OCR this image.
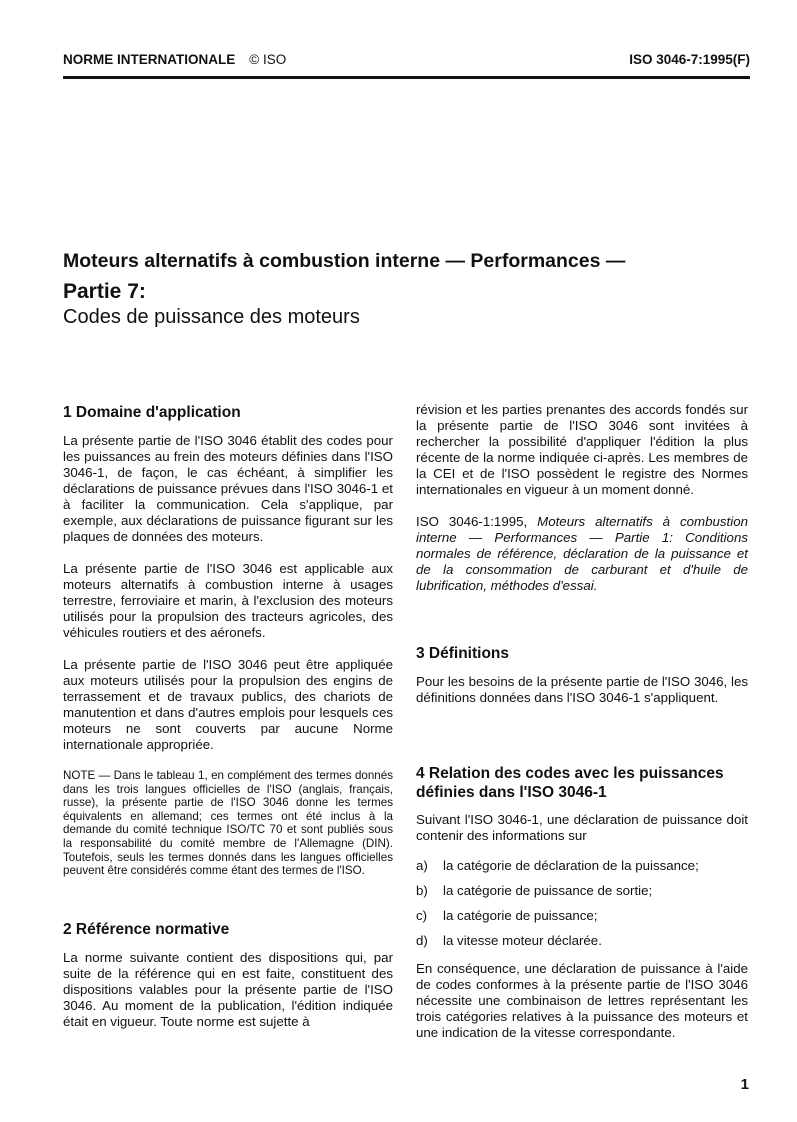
NORME INTERNATIONALE © ISO	ISO 3046-7:1995(F)
Moteurs alternatifs à combustion interne — Performances —
Partie 7:
Codes de puissance des moteurs
1 Domaine d'application

La présente partie de l'ISO 3046 établit des codes pour les puissances au frein des moteurs définies dans l'ISO 3046-1, de façon, le cas échéant, à simplifier les déclarations de puissance prévues dans l'ISO 3046-1 et à faciliter la communication. Cela s'applique, par exemple, aux déclarations de puissance figurant sur les plaques de données des moteurs.

La présente partie de l'ISO 3046 est applicable aux moteurs alternatifs à combustion interne à usages terrestre, ferroviaire et marin, à l'exclusion des moteurs utilisés pour la propulsion des tracteurs agricoles, des véhicules routiers et des aéronefs.

La présente partie de l'ISO 3046 peut être appliquée aux moteurs utilisés pour la propulsion des engins de terrassement et de travaux publics, des chariots de manutention et dans d'autres emplois pour lesquels ces moteurs ne sont couverts par aucune Norme internationale appropriée.

NOTE — Dans le tableau 1, en complément des termes donnés dans les trois langues officielles de l'ISO (anglais, français, russe), la présente partie de l'ISO 3046 donne les termes équivalents en allemand; ces termes ont été inclus à la demande du comité technique ISO/TC 70 et sont publiés sous la responsabilité du comité membre de l'Allemagne (DIN). Toutefois, seuls les termes donnés dans les langues officielles peuvent être considérés comme étant des termes de l'ISO.

2 Référence normative

La norme suivante contient des dispositions qui, par suite de la référence qui en est faite, constituent des dispositions valables pour la présente partie de l'ISO 3046. Au moment de la publication, l'édition indiquée était en vigueur. Toute norme est sujette à

révision et les parties prenantes des accords fondés sur la présente partie de l'ISO 3046 sont invitées à rechercher la possibilité d'appliquer l'édition la plus récente de la norme indiquée ci-après. Les membres de la CEI et de l'ISO possèdent le registre des Normes internationales en vigueur à un moment donné.

ISO 3046-1:1995, Moteurs alternatifs à combustion interne — Performances — Partie 1: Conditions normales de référence, déclaration de la puissance et de la consommation de carburant et d'huile de lubrification, méthodes d'essai.

3 Définitions

Pour les besoins de la présente partie de l'ISO 3046, les définitions données dans l'ISO 3046-1 s'appliquent.

4 Relation des codes avec les puissances définies dans l'ISO 3046-1

Suivant l'ISO 3046-1, une déclaration de puissance doit contenir des informations sur

a)	la catégorie de déclaration de la puissance;
b)	la catégorie de puissance de sortie;
c)	la catégorie de puissance;
d)	la vitesse moteur déclarée.

En conséquence, une déclaration de puissance à l'aide de codes conformes à la présente partie de l'ISO 3046 nécessite une combinaison de lettres représentant les trois catégories relatives à la puissance des moteurs et une indication de la vitesse correspondante.

1
